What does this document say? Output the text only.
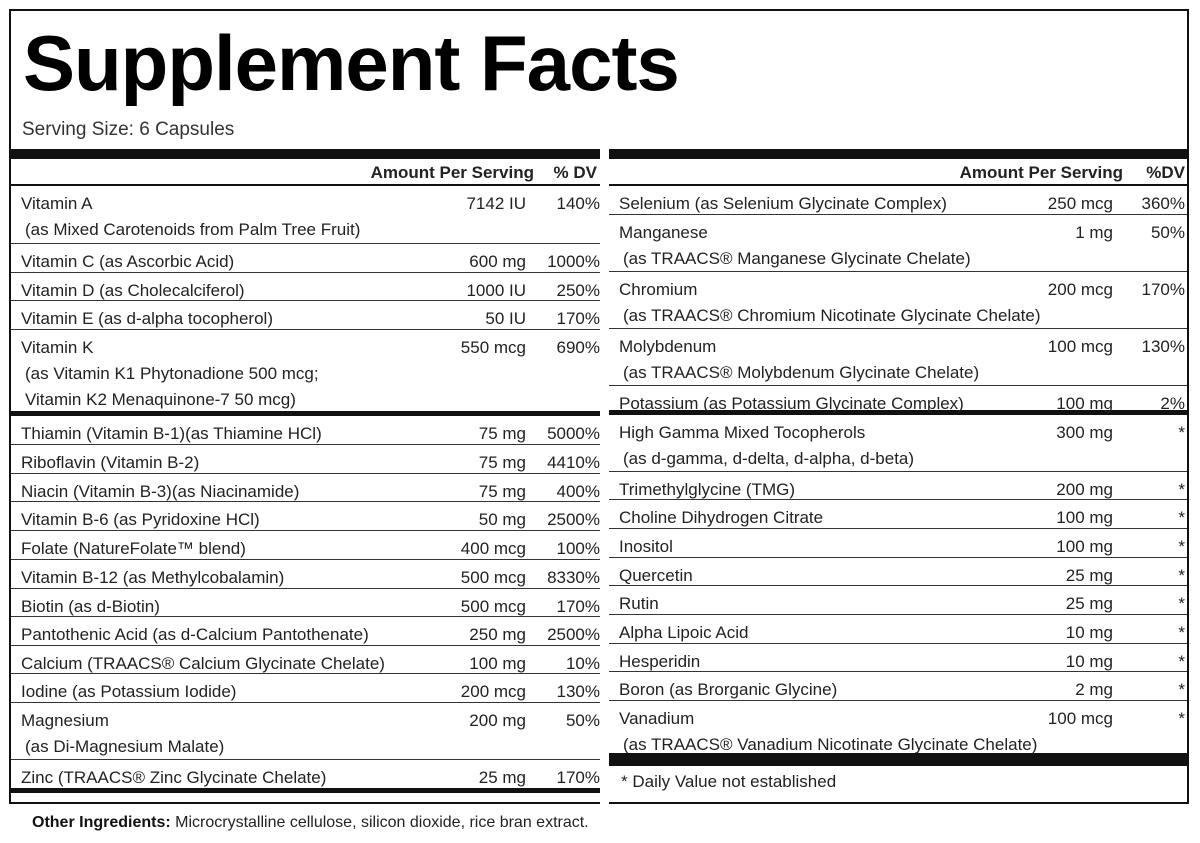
Supplement Facts
Serving Size: 6 Capsules
Amount Per Serving % DV
Vitamin A	7142 IU 140%
(as Mixed Carotenoids from Palm Tree Fruit)
Vitamin C (as Ascorbic Acid)	600 mg 1000%
Vitamin D (as Cholecalciferol)	1000 IU 250%
Vitamin E (as d-alpha tocopherol)	50 IU 170%
Vitamin K	550 mcg 690%
(as Vitamin K1 Phytonadione 500 mcg;
Vitamin K2 Menaquinone-7 50 mcg)
Thiamin (Vitamin B-1)(as Thiamine HCl)	75 mg 5000%
Riboflavin (Vitamin B-2)	75 mg 4410%
Niacin (Vitamin B-3)(as Niacinamide)	75 mg 400%
Vitamin B-6 (as Pyridoxine HCl)	50 mg 2500%
Folate (NatureFolate™ blend)	400 mcg 100%
Vitamin B-12 (as Methylcobalamin)	500 mcg 8330%
Biotin (as d-Biotin)	500 mcg 170%
Pantothenic Acid (as d-Calcium Pantothenate)	250 mg 2500%
Calcium (TRAACS® Calcium Glycinate Chelate)	100 mg 10%
Iodine (as Potassium Iodide)	200 mcg 130%
Magnesium	200 mg 50%
(as Di-Magnesium Malate)
Zinc (TRAACS® Zinc Glycinate Chelate)	25 mg 170%
Amount Per Serving %DV
Selenium (as Selenium Glycinate Complex)	250 mcg 360%
Manganese	1 mg 50%
(as TRAACS® Manganese Glycinate Chelate)
Chromium	200 mcg 170%
(as TRAACS® Chromium Nicotinate Glycinate Chelate)
Molybdenum	100 mcg 130%
(as TRAACS® Molybdenum Glycinate Chelate)
Potassium (as Potassium Glycinate Complex)	100 mg	2%
High Gamma Mixed Tocopherols	300 mg	*
(as d-gamma, d-delta, d-alpha, d-beta)
Trimethylglycine (TMG)	200 mg	*
Choline Dihydrogen Citrate	100 mg	*
Inositol	100 mg	*
Quercetin	25 mg	*
Rutin	25 mg	*
Alpha Lipoic Acid	10 mg	*
Hesperidin	10 mg	*
Boron (as Brorganic Glycine)	2 mg	*
Vanadium	100 mcg	*
(as TRAACS® Vanadium Nicotinate Glycinate Chelate)
* Daily Value not established
Other Ingredients: Microcrystalline cellulose, silicon dioxide, rice bran extract.
